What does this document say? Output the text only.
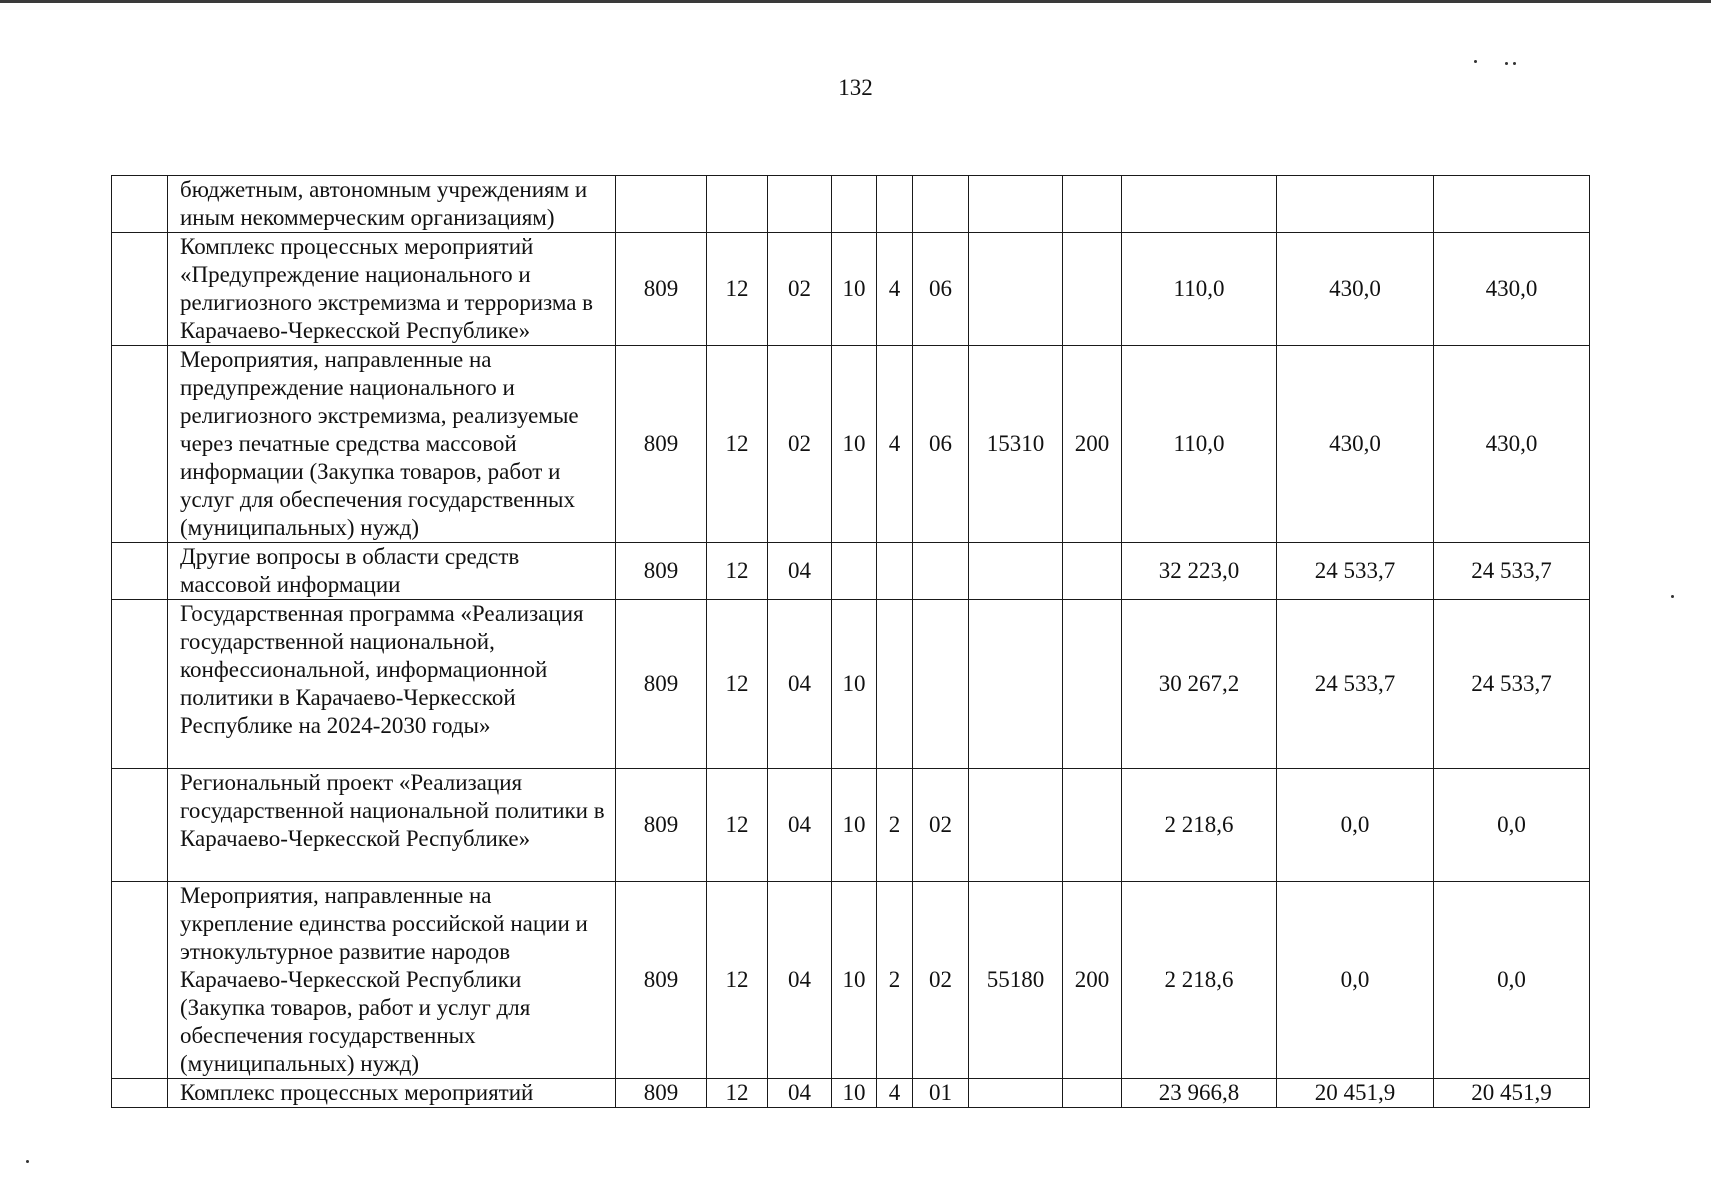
132
	бюджетным, автономным учреждениям и иным некоммерческим организациям)											
	Комплекс процессных мероприятий «Предупреждение национального и религиозного экстремизма и терроризма в Карачаево-Черкесской Республике»	809	12	02	10	4	06			110,0	430,0	430,0
	Мероприятия, направленные на предупреждение национального и религиозного экстремизма, реализуемые через печатные средства массовой информации (Закупка товаров, работ и услуг для обеспечения государственных (муниципальных) нужд)	809	12	02	10	4	06	15310	200	110,0	430,0	430,0
	Другие вопросы в области средств массовой информации	809	12	04						32 223,0	24 533,7	24 533,7
	Государственная программа «Реализация государственной национальной, конфессиональной, информационной политики в Карачаево-Черкесской Республике на 2024-2030 годы»	809	12	04	10					30 267,2	24 533,7	24 533,7
	Региональный проект «Реализация государственной национальной политики в Карачаево-Черкесской Республике»	809	12	04	10	2	02			2 218,6	0,0	0,0
	Мероприятия, направленные на укрепление единства российской нации и этнокультурное развитие народов Карачаево-Черкесской Республики (Закупка товаров, работ и услуг для обеспечения государственных (муниципальных) нужд)	809	12	04	10	2	02	55180	200	2 218,6	0,0	0,0
	Комплекс процессных мероприятий	809	12	04	10	4	01			23 966,8	20 451,9	20 451,9
